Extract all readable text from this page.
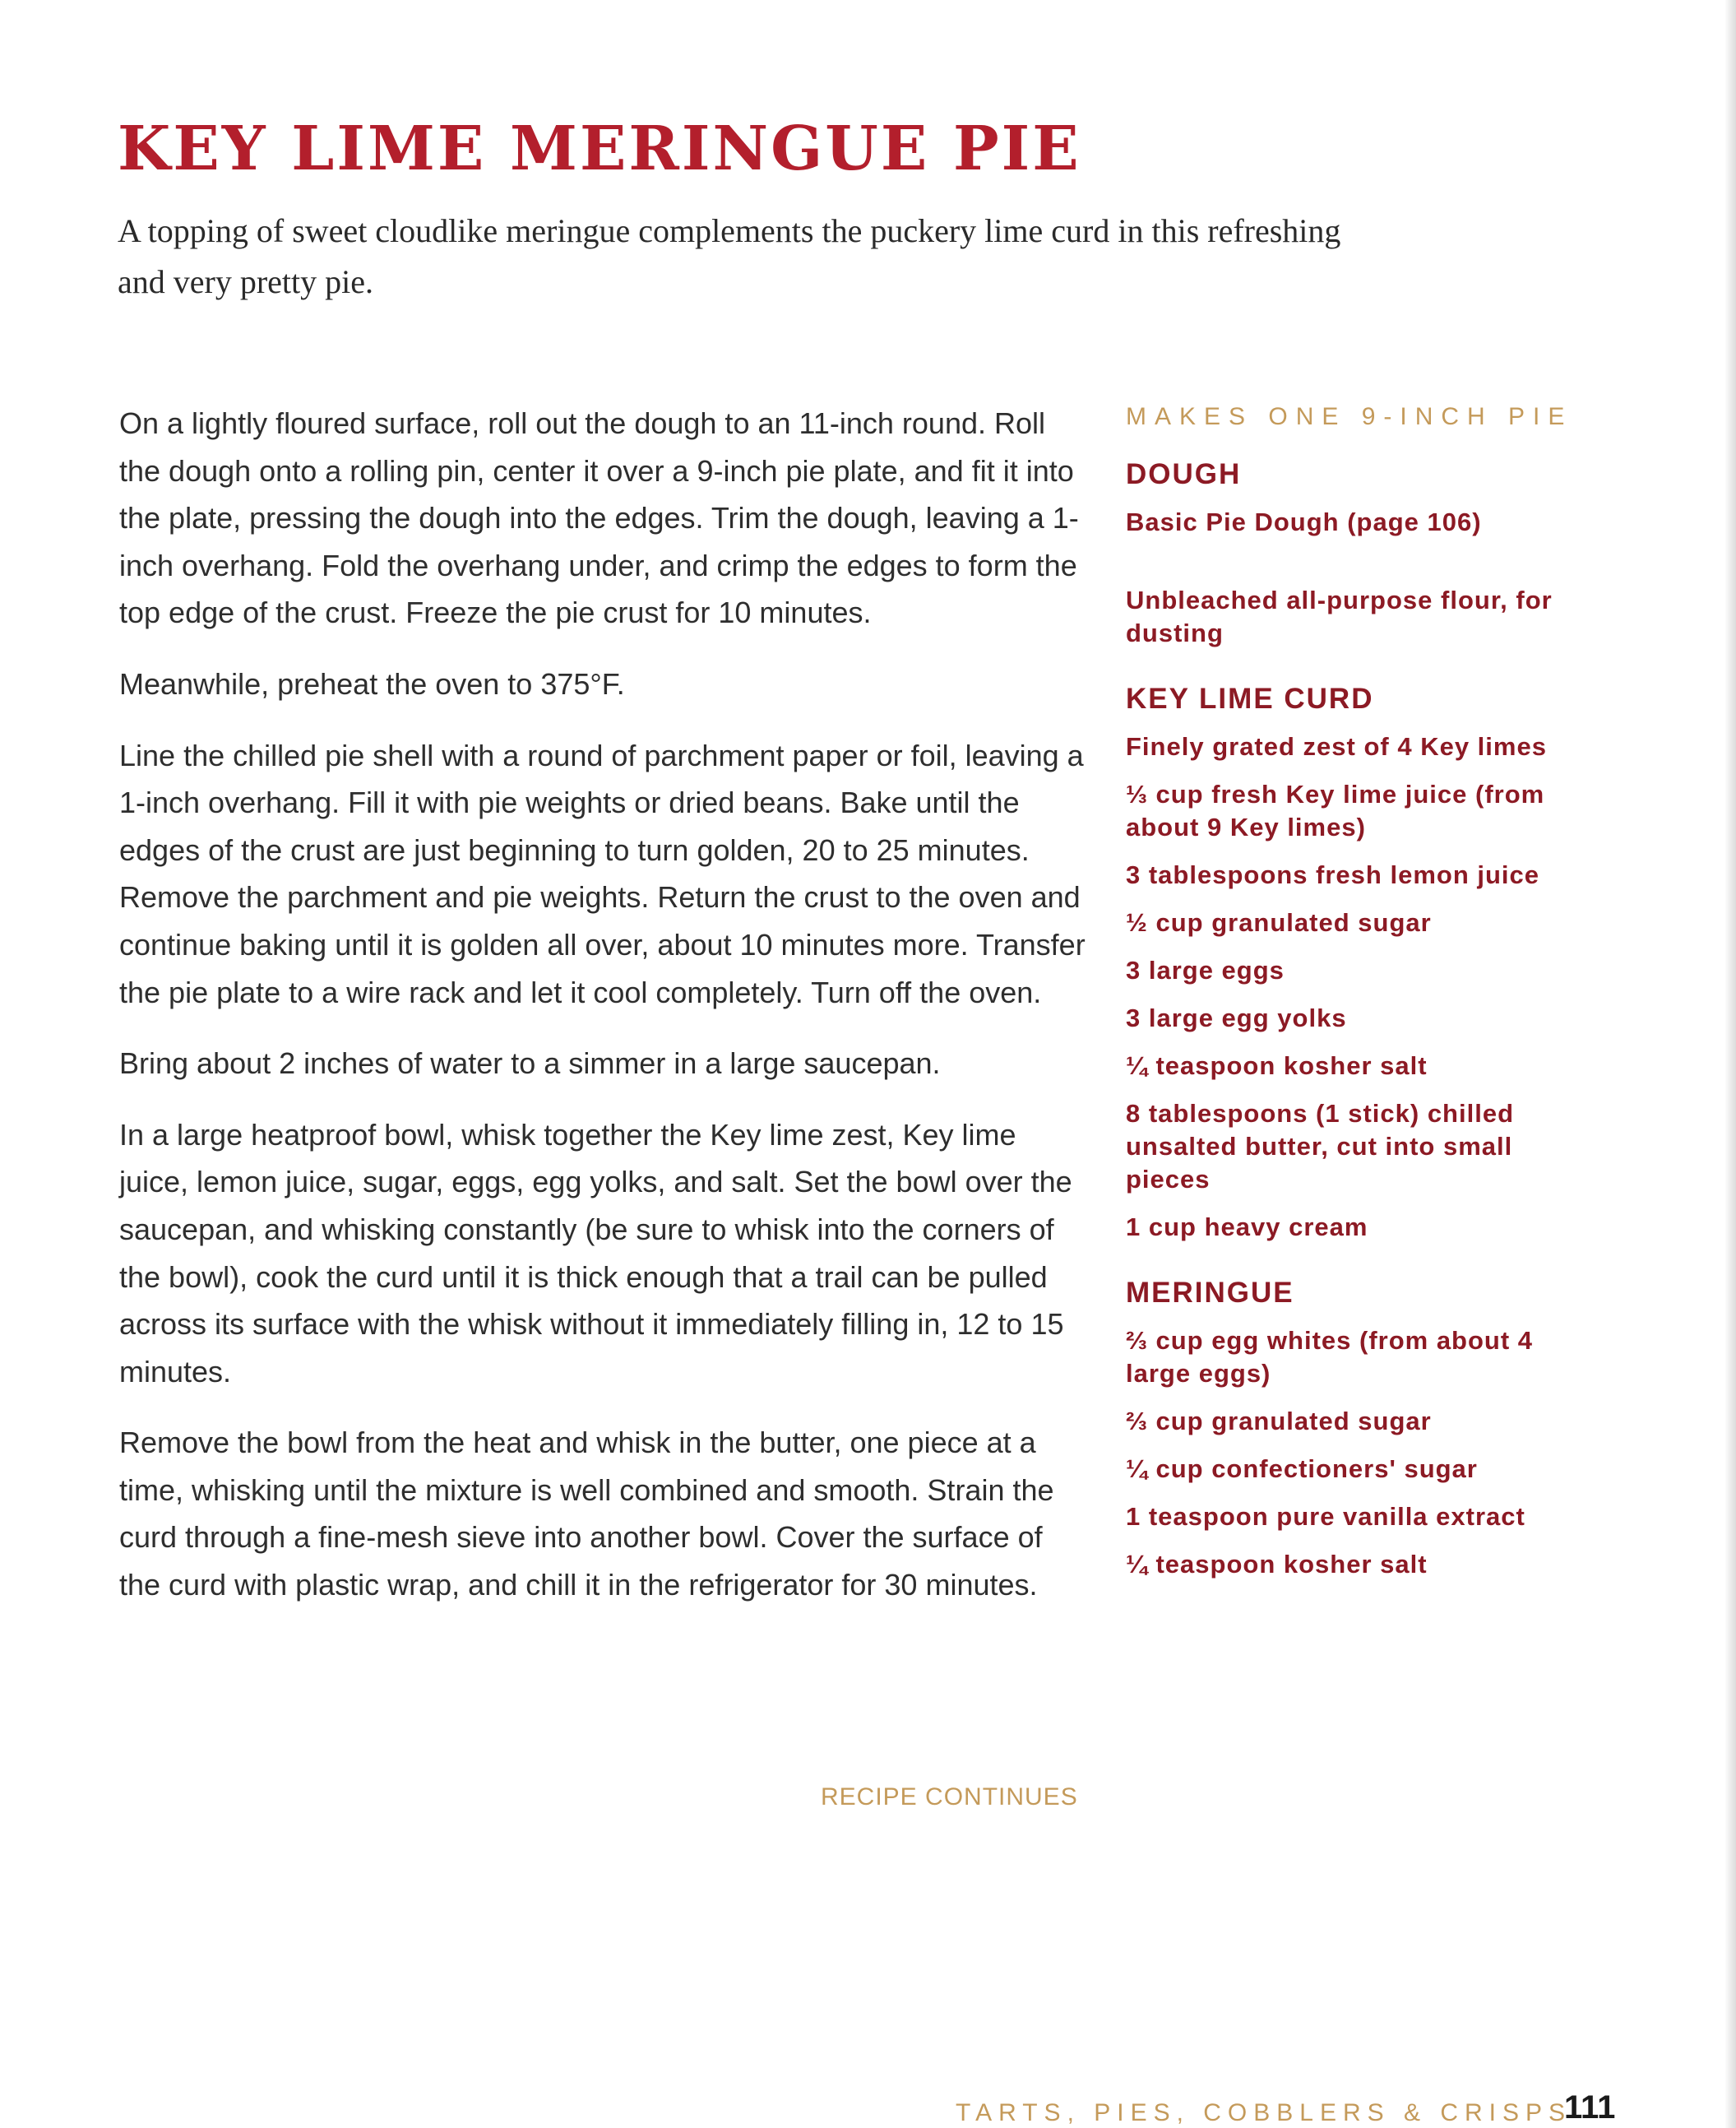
KEY LIME MERINGUE PIE

A topping of sweet cloudlike meringue complements the puckery lime curd in this refreshing and very pretty pie.

On a lightly floured surface, roll out the dough to an 11-inch round. Roll the dough onto a rolling pin, center it over a 9-inch pie plate, and fit it into the plate, pressing the dough into the edges. Trim the dough, leaving a 1-inch overhang. Fold the overhang under, and crimp the edges to form the top edge of the crust. Freeze the pie crust for 10 minutes.

Meanwhile, preheat the oven to 375°F.

Line the chilled pie shell with a round of parchment paper or foil, leaving a 1-inch overhang. Fill it with pie weights or dried beans. Bake until the edges of the crust are just beginning to turn golden, 20 to 25 minutes. Remove the parchment and pie weights. Return the crust to the oven and continue baking until it is golden all over, about 10 minutes more. Transfer the pie plate to a wire rack and let it cool completely. Turn off the oven.

Bring about 2 inches of water to a simmer in a large saucepan.

In a large heatproof bowl, whisk together the Key lime zest, Key lime juice, lemon juice, sugar, eggs, egg yolks, and salt. Set the bowl over the saucepan, and whisking constantly (be sure to whisk into the corners of the bowl), cook the curd until it is thick enough that a trail can be pulled across its surface with the whisk without it immediately filling in, 12 to 15 minutes.

Remove the bowl from the heat and whisk in the butter, one piece at a time, whisking until the mixture is well combined and smooth. Strain the curd through a fine-mesh sieve into another bowl. Cover the surface of the curd with plastic wrap, and chill it in the refrigerator for 30 minutes.

RECIPE CONTINUES
MAKES ONE 9-INCH PIE
DOUGH
Basic Pie Dough (page 106)
Unbleached all-purpose flour, for dusting
KEY LIME CURD
Finely grated zest of 4 Key limes
⅓ cup fresh Key lime juice (from about 9 Key limes)
3 tablespoons fresh lemon juice
½ cup granulated sugar
3 large eggs
3 large egg yolks
¼ teaspoon kosher salt
8 tablespoons (1 stick) chilled unsalted butter, cut into small pieces
1 cup heavy cream
MERINGUE
⅔ cup egg whites (from about 4 large eggs)
⅔ cup granulated sugar
¼ cup confectioners' sugar
1 teaspoon pure vanilla extract
¼ teaspoon kosher salt
TARTS, PIES, COBBLERS & CRISPS
111
